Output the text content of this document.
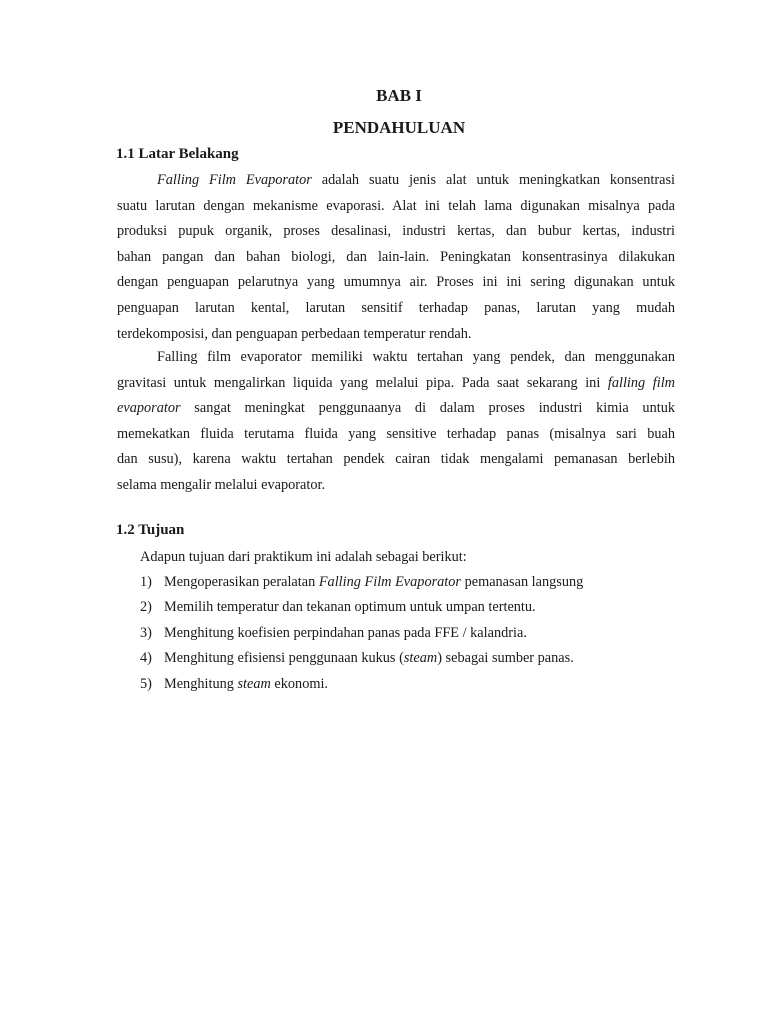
BAB I
PENDAHULUAN
1.1 Latar Belakang
Falling Film Evaporator adalah suatu jenis alat untuk meningkatkan konsentrasi
suatu larutan dengan mekanisme evaporasi. Alat ini telah lama digunakan misalnya pada
produksi pupuk organik, proses desalinasi, industri kertas, dan bubur kertas, industri
bahan pangan dan bahan biologi, dan lain-lain. Peningkatan konsentrasinya dilakukan
dengan penguapan pelarutnya yang umumnya air. Proses ini ini sering digunakan untuk
penguapan larutan kental, larutan sensitif terhadap panas, larutan yang mudah
terdekomposisi, dan penguapan perbedaan temperatur rendah.
Falling film evaporator memiliki waktu tertahan yang pendek, dan menggunakan
gravitasi untuk mengalirkan liquida yang melalui pipa. Pada saat sekarang ini falling film
evaporator sangat meningkat penggunaanya di dalam proses industri kimia untuk
memekatkan fluida terutama fluida yang sensitive terhadap panas (misalnya sari buah
dan susu), karena waktu tertahan pendek cairan tidak mengalami pemanasan berlebih
selama mengalir melalui evaporator.
1.2 Tujuan
Adapun tujuan dari praktikum ini adalah sebagai berikut:
1) Mengoperasikan peralatan Falling Film Evaporator pemanasan langsung
2) Memilih temperatur dan tekanan optimum untuk umpan tertentu.
3) Menghitung koefisien perpindahan panas pada FFE / kalandria.
4) Menghitung efisiensi penggunaan kukus (steam) sebagai sumber panas.
5) Menghitung steam ekonomi.
